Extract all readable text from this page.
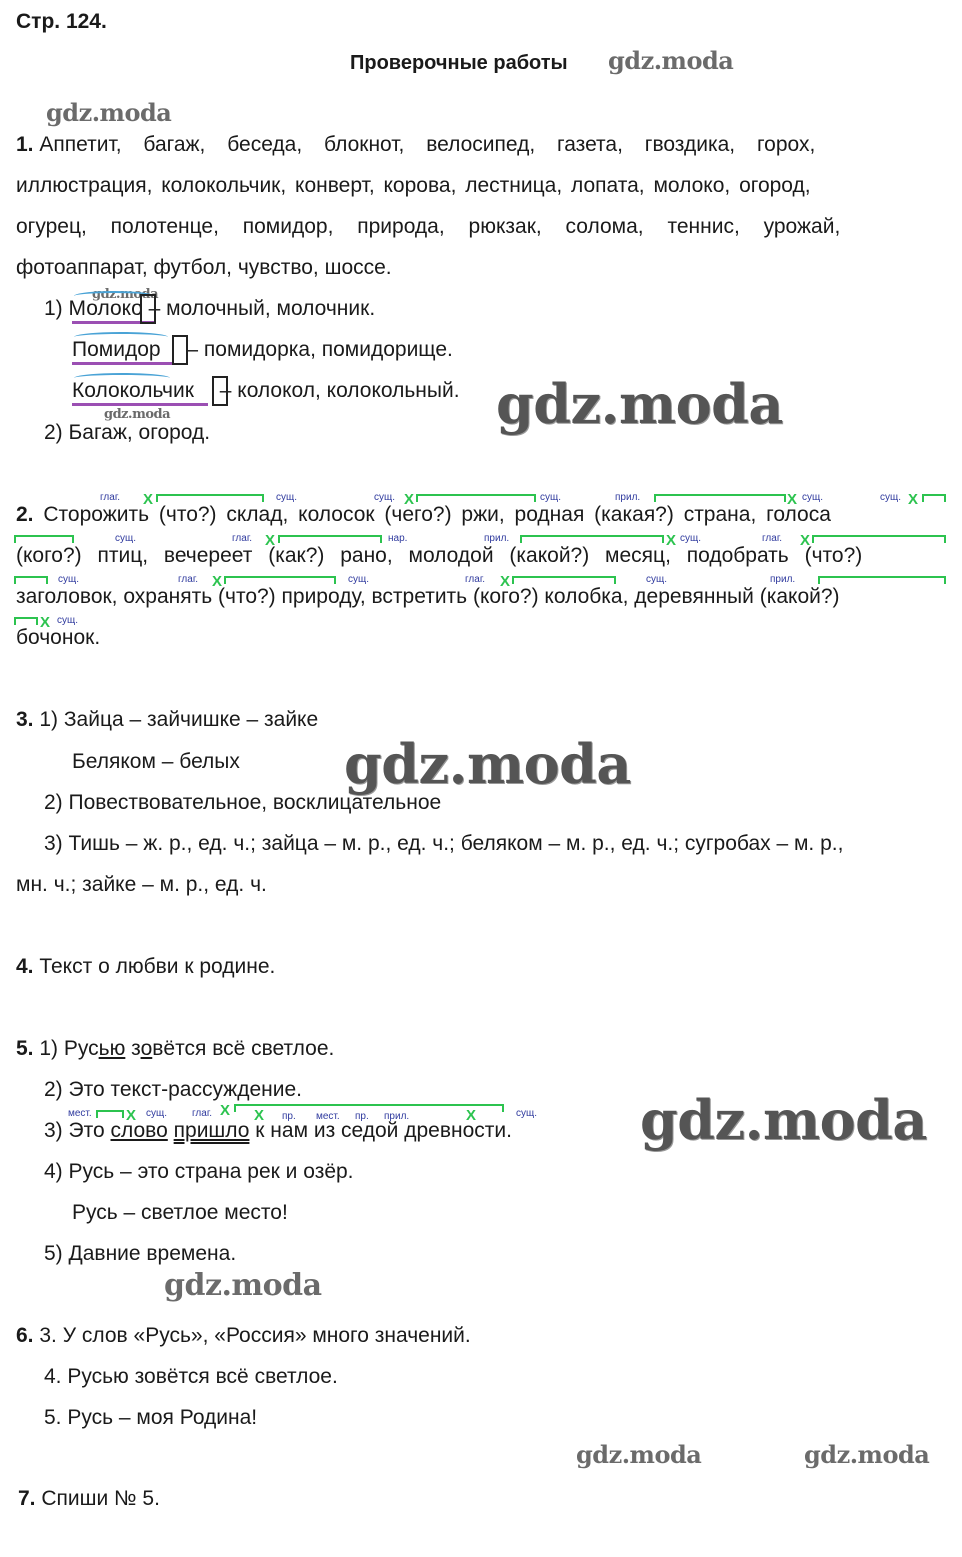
Стр. 124.
Проверочные работы gdz.moda
gdz.moda
gdz.moda
gdz.moda	gdz.moda
gdz.moda
gdz.moda
gdz.moda
gdz.moda	gdz.moda
1. Аппетит, багаж, беседа, блокнот, велосипед, газета, гвоздика, горох,
иллюстрация, колокольчик, конверт, корова, лестница, лопата, молоко, огород,
огурец, полотенце, помидор, природа, рюкзак, солома, теннис, урожай,
фотоаппарат, футбол, чувство, шоссе.
1) Молоко – молочный, молочник.
Помидор – помидорка, помидорище.
Колокольчик – колокол, колокольный.
2) Багаж, огород.
глаг. X	сущ.	сущ. X	сущ.	прил.	X сущ.	сущ. X
2. Сторожить (что?) склад, колосок (чего?) ржи, родная (какая?) страна, голоса
сущ.	глаг. X	нар.	прил.	X сущ.	глаг. X
(кого?) птиц, вечереет (как?) рано, молодой (какой?) месяц, подобрать (что?)
сущ.	глаг. X	сущ.	глаг. X	сущ.	прил.
заголовок, охранять (что?) природу, встретить (кого?) колобка, деревянный (какой?)
X сущ.
бочонок.
3. 1) Зайца – зайчишке – зайке
Беляком – белых
2) Повествовательное, восклицательное
3) Тишь – ж. р., ед. ч.; зайца – м. р., ед. ч.; беляком – м. р., ед. ч.; сугробах – м. р.,
мн. ч.; зайке – м. р., ед. ч.
4. Текст о любви к родине.
5. 1) Русью зовётся всё светлое.
2) Это текст-рассуждение.
мест. X сущ. глаг. X X пр. мест. пр. прил.	X	сущ.
3) Это слово пришло к нам из седой древности.
4) Русь – это страна рек и озёр.
Русь – светлое место!
5) Давние времена.
6. 3. У слов «Русь», «Россия» много значений.
4. Русью зовётся всё светлое.
5. Русь – моя Родина!
7. Спиши № 5.
